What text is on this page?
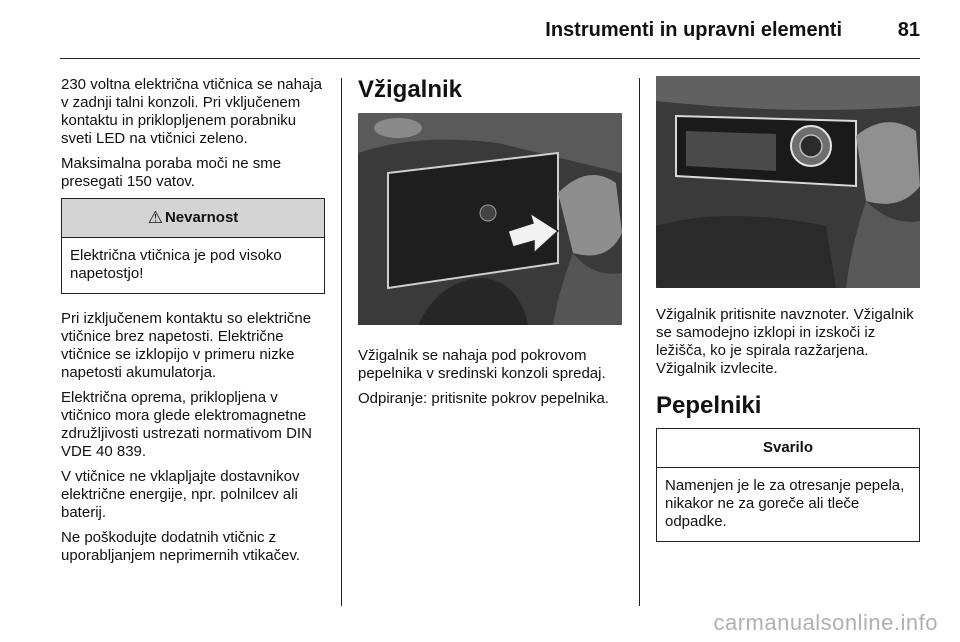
Instrumenti in upravni elementi	81

230 voltna električna vtičnica se nahaja v zadnji talni konzoli. Pri vključenem kontaktu in priklopljenem porabniku sveti LED na vtičnici zeleno.

Maksimalna poraba moči ne sme presegati 150 vatov.

⚠ Nevarnost
Električna vtičnica je pod visoko napetostjo!

Pri izklјučenem kontaktu so električne vtičnice brez napetosti. Električne vtičnice se izklopijo v primeru nizke napetosti akumulatorja.

Električna oprema, priklopljena v vtičnico mora glede elektromagnetne združljivosti ustrezati normativom DIN VDE 40 839.

V vtičnice ne vklapljajte dostavnikov električne energije, npr. polnilcev ali baterij.

Ne poškodujte dodatnih vtičnic z uporabljanjem neprimernih vtikačev.

Vžigalnik

Vžigalnik se nahaja pod pokrovom pepelnika v sredinski konzoli spredaj.

Odpiranje: pritisnite pokrov pepelnika.

Vžigalnik pritisnite navznoter. Vžigalnik se samodejno izklopi in izskoči iz ležišča, ko je spirala razžarjena. Vžigalnik izvlecite.

Pepelniki
Svarilo
Namenjen je le za otresanje pepela, nikakor ne za goreče ali tleče odpadke.
carmanualsonline.info
